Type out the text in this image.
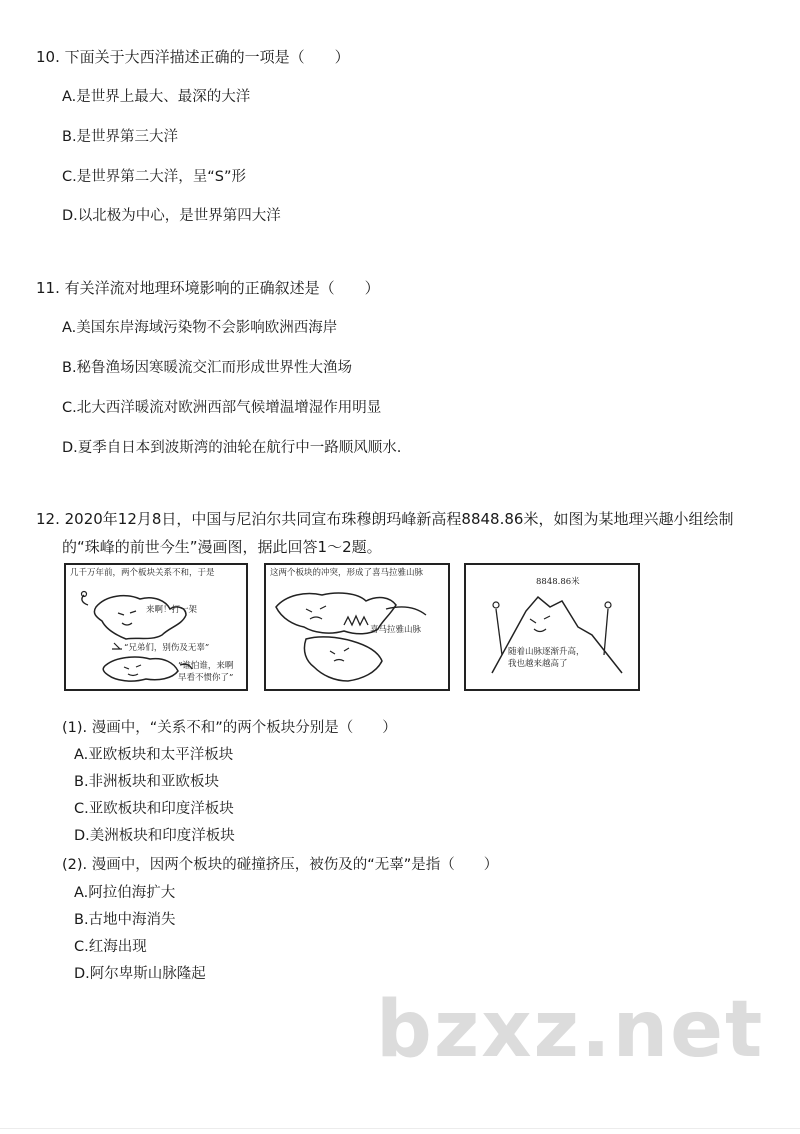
10. 下面关于大西洋描述正确的一项是（　　）
A.是世界上最大、最深的大洋
B.是世界第三大洋
C.是世界第二大洋，呈“S”形
D.以北极为中心，是世界第四大洋
11. 有关洋流对地理环境影响的正确叙述是（　　）
A.美国东岸海域污染物不会影响欧洲西海岸
B.秘鲁渔场因寒暖流交汇而形成世界性大渔场
C.北大西洋暖流对欧洲西部气候增温增湿作用明显
D.夏季自日本到波斯湾的油轮在航行中一路顺风顺水.
12. 2020年12月8日，中国与尼泊尔共同宣布珠穆朗玛峰新高程8848.86米，如图为某地理兴趣小组绘制
的“珠峰的前世今生”漫画图，据此回答1～2题。
几千万年前，两个板块关系不和，于是
来啊！打一架
“兄弟们，别伤及无辜”
“谁怕谁，来啊
早看不惯你了”
这两个板块的冲突，形成了喜马拉雅山脉
喜马拉雅山脉
8848.86米
随着山脉逐渐升高，
我也越来越高了
(1). 漫画中，“关系不和”的两个板块分别是（　　）
A.亚欧板块和太平洋板块
B.非洲板块和亚欧板块
C.亚欧板块和印度洋板块
D.美洲板块和印度洋板块
(2). 漫画中，因两个板块的碰撞挤压，被伤及的“无辜”是指（　　）
A.阿拉伯海扩大
B.古地中海消失
C.红海出现
D.阿尔卑斯山脉隆起
bzxz.net
